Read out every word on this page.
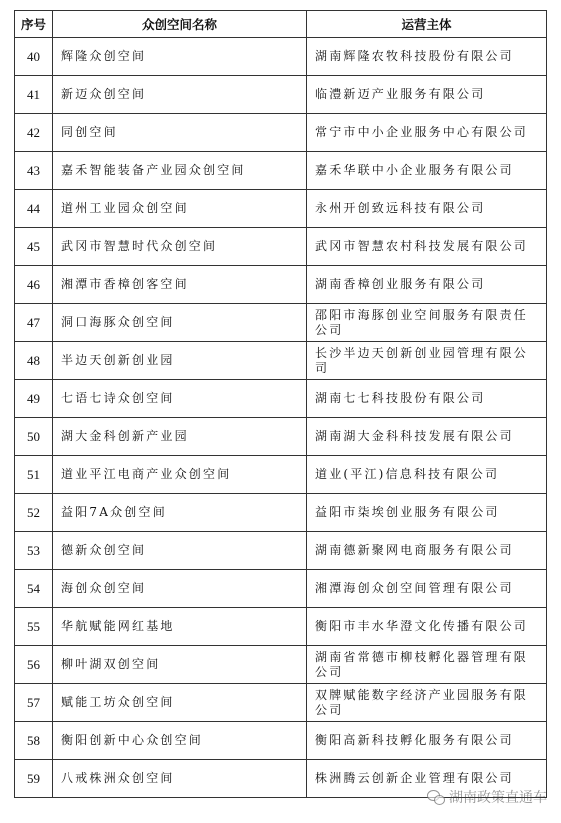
序号	众创空间名称	运营主体
40	辉隆众创空间	湖南辉隆农牧科技股份有限公司
41	新迈众创空间	临澧新迈产业服务有限公司
42	同创空间	常宁市中小企业服务中心有限公司
43	嘉禾智能装备产业园众创空间	嘉禾华联中小企业服务有限公司
44	道州工业园众创空间	永州开创致远科技有限公司
45	武冈市智慧时代众创空间	武冈市智慧农村科技发展有限公司
46	湘潭市香樟创客空间	湖南香樟创业服务有限公司
47	洞口海豚众创空间	邵阳市海豚创业空间服务有限责任公司
48	半边天创新创业园	长沙半边天创新创业园管理有限公司
49	七语七诗众创空间	湖南七七科技股份有限公司
50	湖大金科创新产业园	湖南湖大金科科技发展有限公司
51	道业平江电商产业众创空间	道业(平江)信息科技有限公司
52	益阳7A众创空间	益阳市柒埃创业服务有限公司
53	德新众创空间	湖南德新聚网电商服务有限公司
54	海创众创空间	湘潭海创众创空间管理有限公司
55	华航赋能网红基地	衡阳市丰水华澄文化传播有限公司
56	柳叶湖双创空间	湖南省常德市柳枝孵化器管理有限公司
57	赋能工坊众创空间	双牌赋能数字经济产业园服务有限公司
58	衡阳创新中心众创空间	衡阳高新科技孵化服务有限公司
59	八戒株洲众创空间	株洲腾云创新企业管理有限公司
湖南政策直通车
